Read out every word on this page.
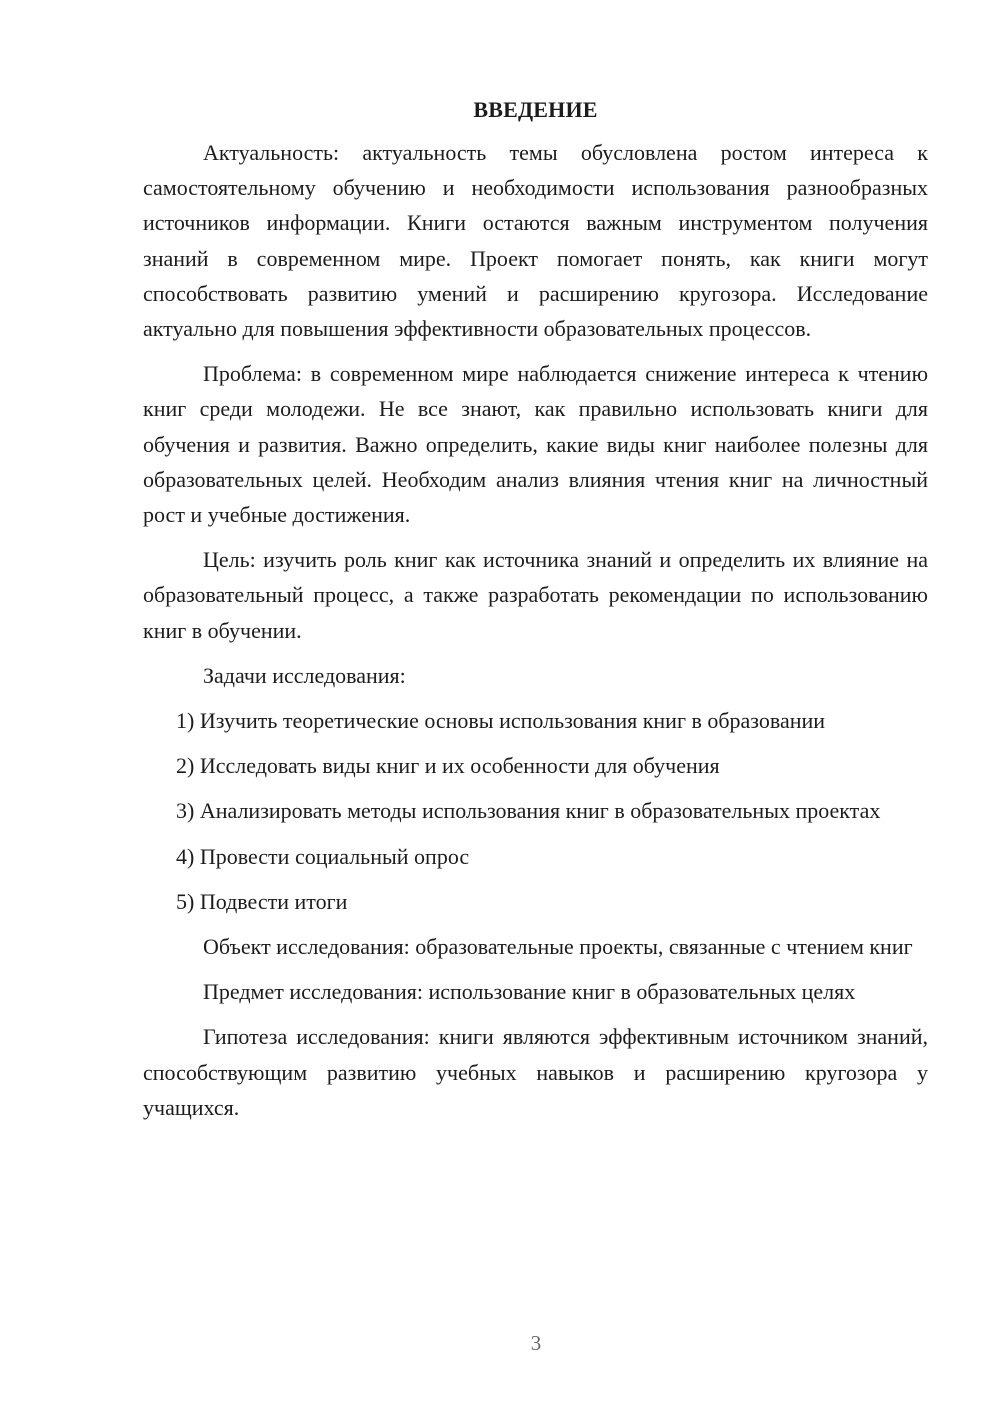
ВВЕДЕНИЕ

Актуальность: актуальность темы обусловлена ростом интереса к самостоятельному обучению и необходимости использования разнообразных источников информации. Книги остаются важным инструментом получения знаний в современном мире. Проект помогает понять, как книги могут способствовать развитию умений и расширению кругозора. Исследование актуально для повышения эффективности образовательных процессов.

Проблема: в современном мире наблюдается снижение интереса к чтению книг среди молодежи. Не все знают, как правильно использовать книги для обучения и развития. Важно определить, какие виды книг наиболее полезны для образовательных целей. Необходим анализ влияния чтения книг на личностный рост и учебные достижения.

Цель: изучить роль книг как источника знаний и определить их влияние на образовательный процесс, а также разработать рекомендации по использованию книг в обучении.

Задачи исследования:

1) Изучить теоретические основы использования книг в образовании

2) Исследовать виды книг и их особенности для обучения

3) Анализировать методы использования книг в образовательных проектах

4) Провести социальный опрос

5) Подвести итоги

Объект исследования: образовательные проекты, связанные с чтением книг

Предмет исследования: использование книг в образовательных целях

Гипотеза исследования: книги являются эффективным источником знаний, способствующим развитию учебных навыков и расширению кругозора у учащихся.

3
